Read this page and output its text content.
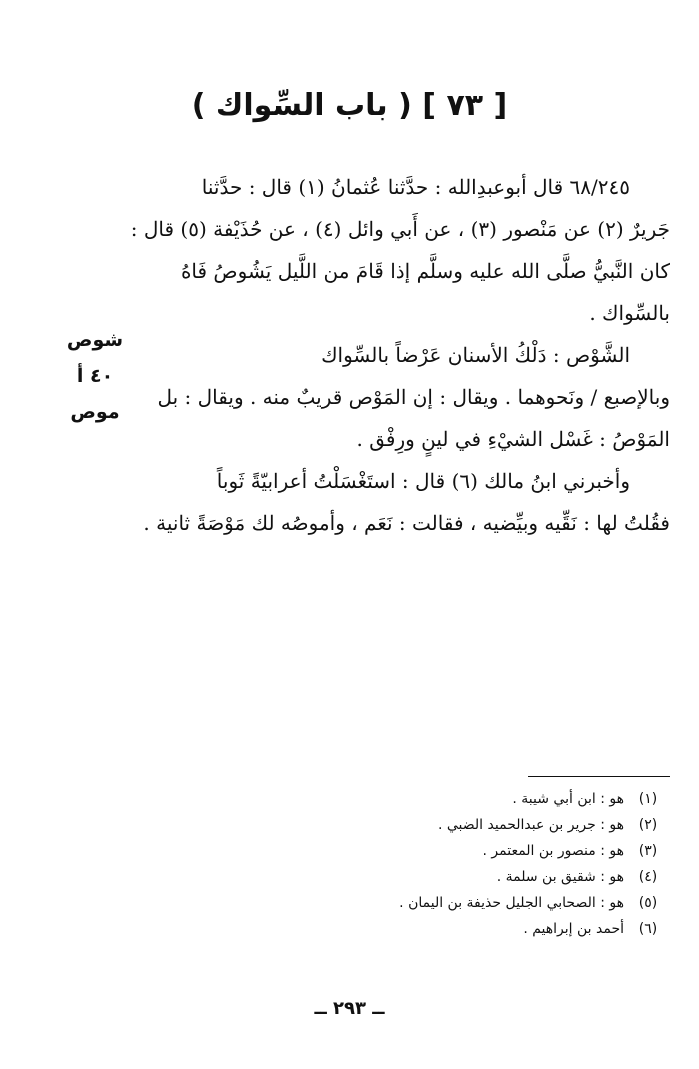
[ ٧٣ ] ( باب السِّواك )
٦٨/٢٤٥ قال أبوعبدِالله : حدَّثنا عُثمانُ (١) قال : حدَّثنا
جَريرٌ (٢) عن مَنْصور (٣) ، عن أَبي وائل (٤) ، عن حُذَيْفة (٥) قال :
كان النَّبيُّ صلَّى الله عليه وسلَّم إذا قَامَ من اللَّيل يَشُوصُ فَاهُ
بالسِّواك .
الشَّوْص : دَلْكُ الأسنان عَرْضاً بالسِّواك
وبالإصبع / ونَحوهما . ويقال : إن المَوْص قريبٌ منه . ويقال : بل
المَوْصُ : غَسْل الشيْءِ في لينٍ ورِفْق .
وأخبرني ابنُ مالك (٦) قال : استَغْسَلْتُ أعرابيّةً ثَوباً
فقُلتُ لها : نَقِّيه وبيِّضيه ، فقالت : نَعَم ، وأموصُه لك مَوْصَةً ثانية .
شوص
٤٠ أ
موص
(١)
هو : ابن أبي شيبة .
(٢)
هو : جرير بن عبدالحميد الضبي .
(٣)
هو : منصور بن المعتمر .
(٤)
هو : شقيق بن سلمة .
(٥)
هو : الصحابي الجليل حذيفة بن اليمان .
(٦)
أحمد بن إبراهيم .
ــ ٢٩٣ ــ
